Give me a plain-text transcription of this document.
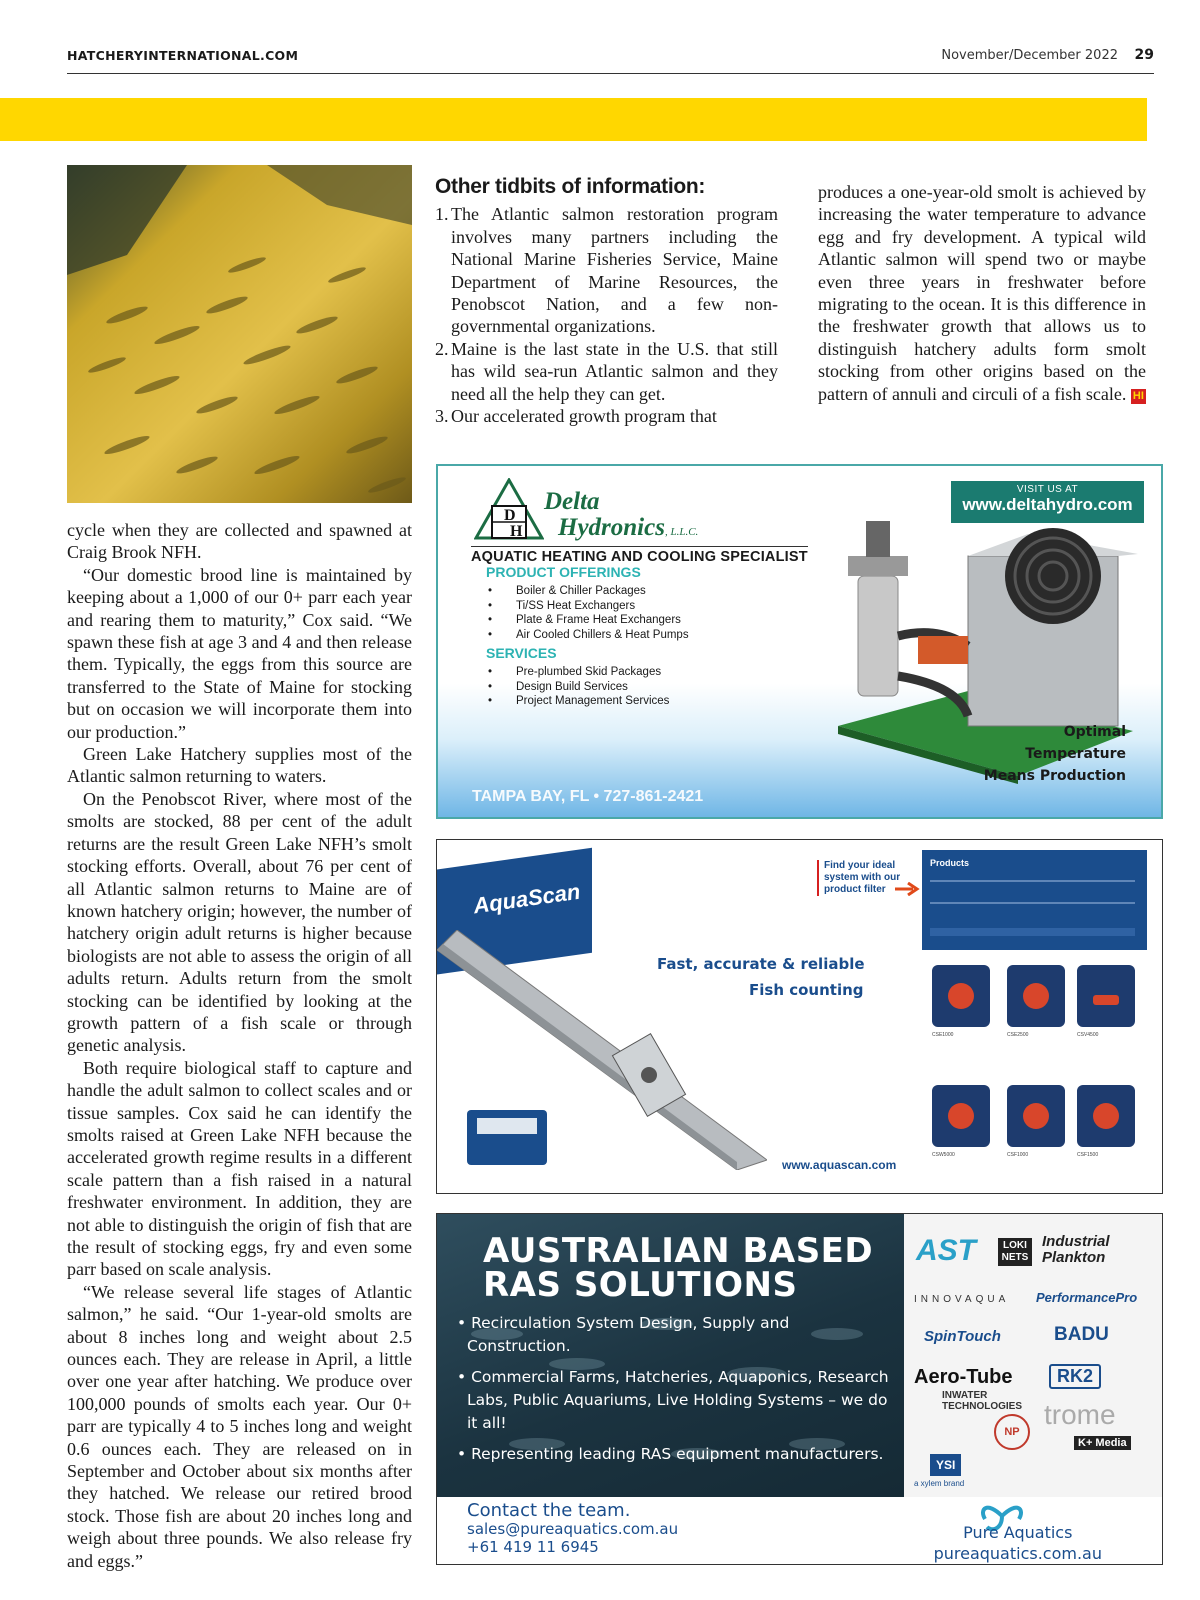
HATCHERYINTERNATIONAL.COM	November/December 2022 29

cycle when they are collected and spawned at Craig Brook NFH.

“Our domestic brood line is maintained by keeping about a 1,000 of our 0+ parr each year and rearing them to maturity,” Cox said. “We spawn these fish at age 3 and 4 and then release them. Typically, the eggs from this source are transferred to the State of Maine for stocking but on occasion we will incorporate them into our production.”

Green Lake Hatchery supplies most of the Atlantic salmon returning to waters.

On the Penobscot River, where most of the smolts are stocked, 88 per cent of the adult returns are the result Green Lake NFH’s smolt stocking efforts. Overall, about 76 per cent of all Atlantic salmon returns to Maine are of known hatchery origin; however, the number of hatchery origin adult returns is higher because biologists are not able to assess the origin of all adults return. Adults return from the smolt stocking can be identified by looking at the growth pattern of a fish scale or through genetic analysis.

Both require biological staff to capture and handle the adult salmon to collect scales and or tissue samples. Cox said he can identify the smolts raised at Green Lake NFH because the accelerated growth regime results in a different scale pattern than a fish raised in a natural freshwater environment. In addition, they are not able to distinguish the origin of fish that are the result of stocking eggs, fry and even some parr based on scale analysis.

“We release several life stages of Atlantic salmon,” he said. “Our 1-year-old smolts are about 8 inches long and weight about 2.5 ounces each. They are release in April, a little over one year after hatching. We produce over 100,000 pounds of smolts each year. Our 0+ parr are typically 4 to 5 inches long and weight 0.6 ounces each. They are released on in September and October about six months after they hatched. We release our retired brood stock. Those fish are about 20 inches long and weigh about three pounds. We also release fry and eggs.”

Other tidbits of information:
1. The Atlantic salmon restoration program involves many partners including the National Marine Fisheries Service, Maine Department of Marine Resources, the Penobscot Nation, and a few non-governmental organizations.
2. Maine is the last state in the U.S. that still has wild sea-run Atlantic salmon and they need all the help they can get.
3. Our accelerated growth program that
produces a one-year-old smolt is achieved by increasing the water temperature to advance egg and fry development. A typical wild Atlantic salmon will spend two or maybe even three years in freshwater before migrating to the ocean. It is this difference in the freshwater growth that allows us to distinguish hatchery adults form smolt stocking from other origins based on the pattern of annuli and circuli of a fish scale. HI
D
H
Delta
Hydronics, L.L.C.
AQUATIC HEATING AND COOLING SPECIALIST
PRODUCT OFFERINGS
• Boiler & Chiller Packages
• Ti/SS Heat Exchangers
• Plate & Frame Heat Exchangers
• Air Cooled Chillers & Heat Pumps
SERVICES
• Pre-plumbed Skid Packages
• Design Build Services
• Project Management Services
VISIT US AT
www.deltahydro.com
TAMPA BAY, FL • 727-861-2421
Optimal
Temperature
Means Production
AquaScan
Find your ideal
system with our
product filter
Products
Fast, accurate & reliable
Fish counting
CSE1000	CSE2500	CSV4500
CSW5000	CSF1000	CSF1500
www.aquascan.com
AUSTRALIAN BASED
RAS SOLUTIONS
• Recirculation System Design, Supply and Construction.
• Commercial Farms, Hatcheries, Aquaponics, Research Labs, Public Aquariums, Live Holding Systems – we do it all!
• Representing leading RAS equipment manufacturers.
AST	LOKI NETS
Industrial Plankton
INNOVAQUA PerformancePro
SpinTouch	BADU
Aero-Tube	RK2
INWATER TECHNOLOGIES
NP
trome
K+ Media
YSI
a xylem brand
Contact the team.
sales@pureaquatics.com.au
+61 419 11 6945
Pure Aquatics
pureaquatics.com.au
